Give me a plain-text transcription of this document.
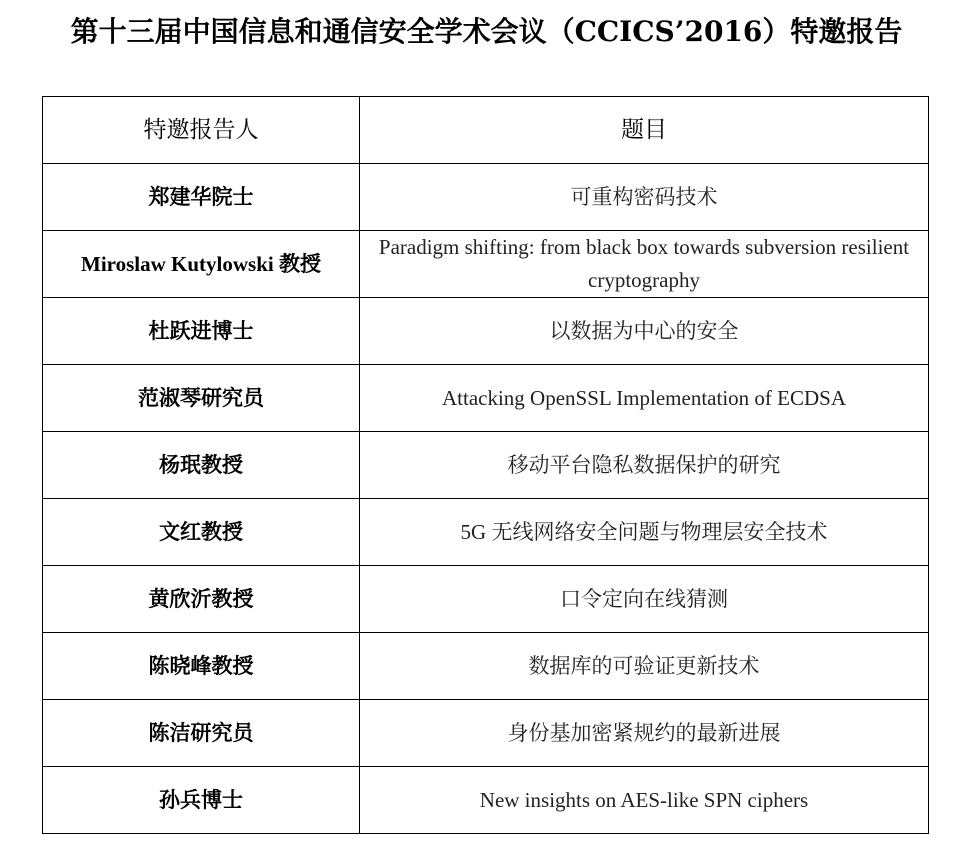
第十三届中国信息和通信安全学术会议（CCICS’2016）特邀报告
特邀报告人	题目
郑建华院士	可重构密码技术
Miroslaw Kutylowski 教授	Paradigm shifting: from black box towards subversion resilient cryptography
杜跃进博士	以数据为中心的安全
范淑琴研究员	Attacking OpenSSL Implementation of ECDSA
杨珉教授	移动平台隐私数据保护的研究
文红教授	5G 无线网络安全问题与物理层安全技术
黄欣沂教授	口令定向在线猜测
陈晓峰教授	数据库的可验证更新技术
陈洁研究员	身份基加密紧规约的最新进展
孙兵博士	New insights on AES-like SPN ciphers
